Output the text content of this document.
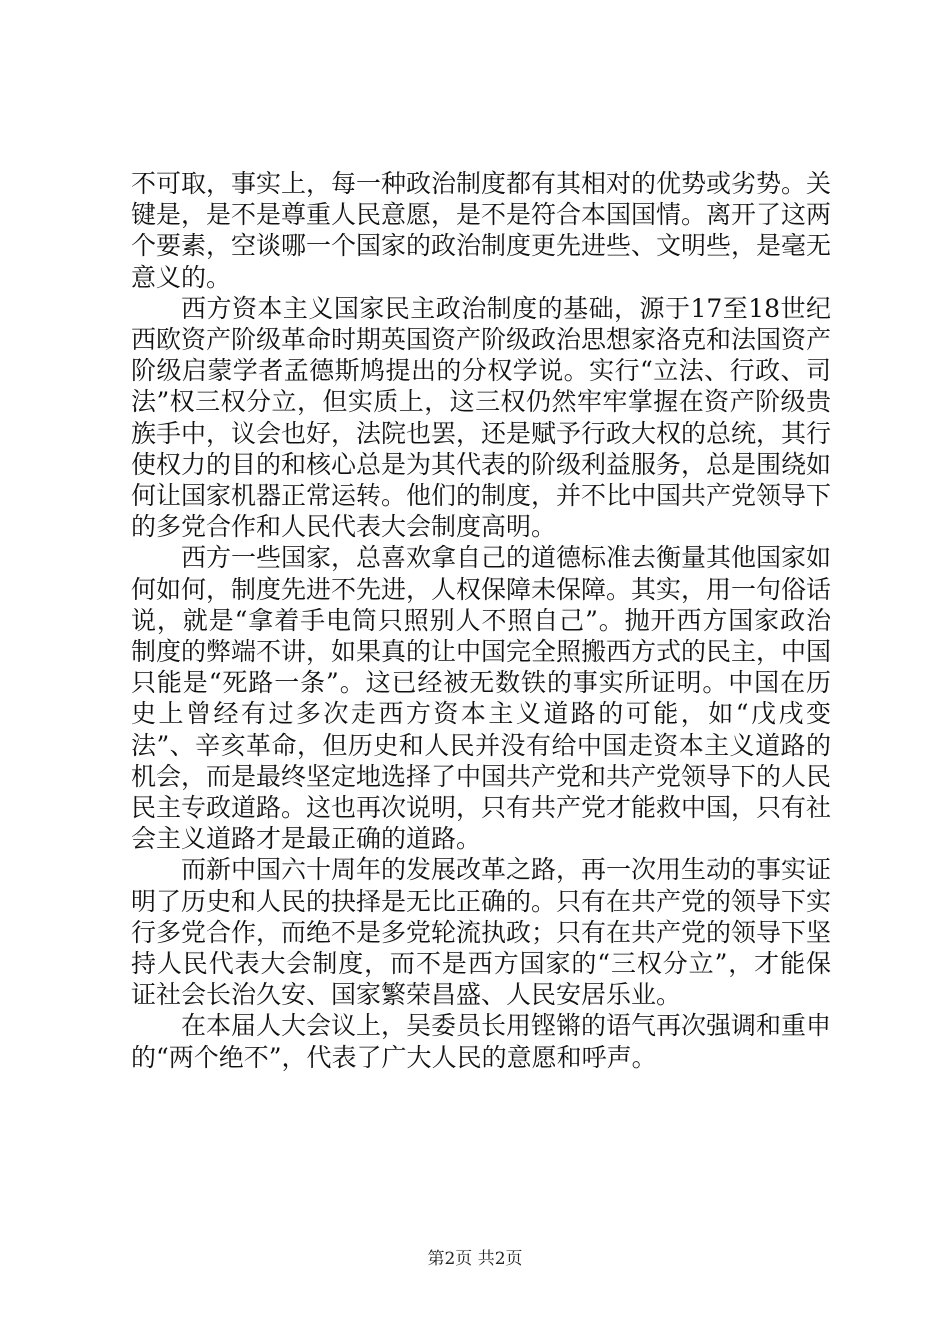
不可取，事实上，每一种政治制度都有其相对的优势或劣势。关键是，是不是尊重人民意愿，是不是符合本国国情。离开了这两个要素，空谈哪一个国家的政治制度更先进些、文明些，是毫无意义的。

西方资本主义国家民主政治制度的基础，源于17至18世纪西欧资产阶级革命时期英国资产阶级政治思想家洛克和法国资产阶级启蒙学者孟德斯鸠提出的分权学说。实行“立法、行政、司法”权三权分立，但实质上，这三权仍然牢牢掌握在资产阶级贵族手中，议会也好，法院也罢，还是赋予行政大权的总统，其行使权力的目的和核心总是为其代表的阶级利益服务，总是围绕如何让国家机器正常运转。他们的制度，并不比中国共产党领导下的多党合作和人民代表大会制度高明。

西方一些国家，总喜欢拿自己的道德标准去衡量其他国家如何如何，制度先进不先进，人权保障未保障。其实，用一句俗话说，就是“拿着手电筒只照别人不照自己”。抛开西方国家政治制度的弊端不讲，如果真的让中国完全照搬西方式的民主，中国只能是“死路一条”。这已经被无数铁的事实所证明。中国在历史上曾经有过多次走西方资本主义道路的可能，如“戊戌变法”、辛亥革命，但历史和人民并没有给中国走资本主义道路的机会，而是最终坚定地选择了中国共产党和共产党领导下的人民民主专政道路。这也再次说明，只有共产党才能救中国，只有社会主义道路才是最正确的道路。

而新中国六十周年的发展改革之路，再一次用生动的事实证明了历史和人民的抉择是无比正确的。只有在共产党的领导下实行多党合作，而绝不是多党轮流执政；只有在共产党的领导下坚持人民代表大会制度，而不是西方国家的“三权分立”，才能保证社会长治久安、国家繁荣昌盛、人民安居乐业。

在本届人大会议上，吴委员长用铿锵的语气再次强调和重申的“两个绝不”，代表了广大人民的意愿和呼声。

第2页 共2页
